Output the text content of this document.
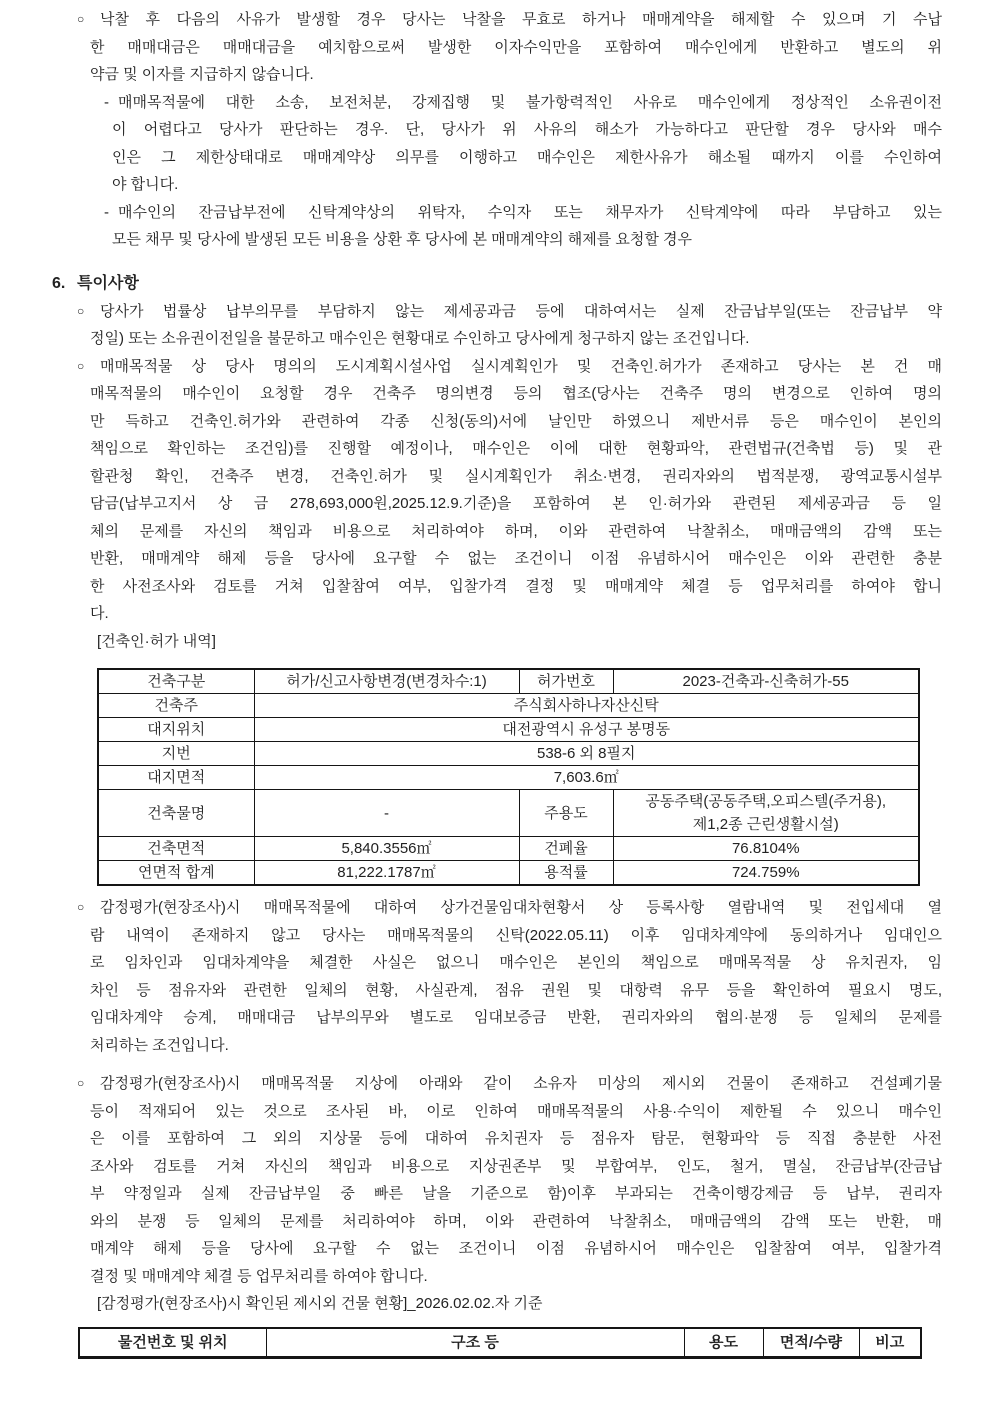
○	낙찰 후 다음의 사유가 발생할 경우 당사는 낙찰을 무효로 하거나 매매계약을 해제할 수 있으며 기 수납
한 매매대금은 매매대금을 예치함으로써 발생한 이자수익만을 포함하여 매수인에게 반환하고 별도의 위
약금 및 이자를 지급하지 않습니다.
- 매매목적물에 대한 소송, 보전처분, 강제집행 및 불가항력적인 사유로 매수인에게 정상적인 소유권이전
이 어렵다고 당사가 판단하는 경우. 단, 당사가 위 사유의 해소가 가능하다고 판단할 경우 당사와 매수
인은 그 제한상태대로 매매계약상 의무를 이행하고 매수인은 제한사유가 해소될 때까지 이를 수인하여
야 합니다.
- 매수인의 잔금납부전에 신탁계약상의 위탁자, 수익자 또는 채무자가 신탁계약에 따라 부담하고 있는
모든 채무 및 당사에 발생된 모든 비용을 상환 후 당사에 본 매매계약의 해제를 요청할 경우
6. 특이사항
○	당사가 법률상 납부의무를 부담하지 않는 제세공과금 등에 대하여서는 실제 잔금납부일(또는 잔금납부 약
정일) 또는 소유권이전일을 불문하고 매수인은 현황대로 수인하고 당사에게 청구하지 않는 조건입니다.
○	매매목적물 상 당사 명의의 도시계획시설사업 실시계획인가 및 건축인.허가가 존재하고 당사는 본 건 매
매목적물의 매수인이 요청할 경우 건축주 명의변경 등의 협조(당사는 건축주 명의 변경으로 인하여 명의
만 득하고 건축인.허가와 관련하여 각종 신청(동의)서에 날인만 하였으니 제반서류 등은 매수인이 본인의
책임으로 확인하는 조건임)를 진행할 예정이나, 매수인은 이에 대한 현황파악, 관련법규(건축법 등) 및 관
할관청 확인, 건축주 변경, 건축인.허가 및 실시계획인가 취소·변경, 권리자와의 법적분쟁, 광역교통시설부
담금(납부고지서 상 금 278,693,000원,2025.12.9.기준)을 포함하여 본 인·허가와 관련된 제세공과금 등 일
체의 문제를 자신의 책임과 비용으로 처리하여야 하며, 이와 관련하여 낙찰취소, 매매금액의 감액 또는
반환, 매매계약 해제 등을 당사에 요구할 수 없는 조건이니 이점 유념하시어 매수인은 이와 관련한 충분
한 사전조사와 검토를 거쳐 입찰참여 여부, 입찰가격 결정 및 매매계약 체결 등 업무처리를 하여야 합니
다.
[건축인·허가 내역]
건축구분	허가/신고사항변경(변경차수:1)	허가번호	2023-건축과-신축허가-55
건축주	주식회사하나자산신탁		
대지위치	대전광역시 유성구 봉명동		
지번	538-6 외 8필지		
대지면적	7,603.6㎡		
건축물명	-	주용도	공동주택(공동주택,오피스텔(주거용),
제1,2종 근린생활시설)

건축면적	5,840.3556㎡	건폐율	76.8104%
연면적 합계	81,222.1787㎡	용적률	724.759%
○	감정평가(현장조사)시 매매목적물에 대하여 상가건물임대차현황서 상 등록사항 열람내역 및 전입세대 열
람 내역이 존재하지 않고 당사는 매매목적물의 신탁(2022.05.11) 이후 임대차계약에 동의하거나 임대인으
로 임차인과 임대차계약을 체결한 사실은 없으니 매수인은 본인의 책임으로 매매목적물 상 유치권자, 임
차인 등 점유자와 관련한 일체의 현황, 사실관계, 점유 권원 및 대항력 유무 등을 확인하여 필요시 명도,
임대차계약 승계, 매매대금 납부의무와 별도로 임대보증금 반환, 권리자와의 협의·분쟁 등 일체의 문제를
처리하는 조건입니다.
○	감정평가(현장조사)시 매매목적물 지상에 아래와 같이 소유자 미상의 제시외 건물이 존재하고 건설폐기물
등이 적재되어 있는 것으로 조사된 바, 이로 인하여 매매목적물의 사용·수익이 제한될 수 있으니 매수인
은 이를 포함하여 그 외의 지상물 등에 대하여 유치권자 등 점유자 탐문, 현황파악 등 직접 충분한 사전
조사와 검토를 거쳐 자신의 책임과 비용으로 지상권존부 및 부합여부, 인도, 철거, 멸실, 잔금납부(잔금납
부 약정일과 실제 잔금납부일 중 빠른 날을 기준으로 함)이후 부과되는 건축이행강제금 등 납부, 권리자
와의 분쟁 등 일체의 문제를 처리하여야 하며, 이와 관련하여 낙찰취소, 매매금액의 감액 또는 반환, 매
매계약 해제 등을 당사에 요구할 수 없는 조건이니 이점 유념하시어 매수인은 입찰참여 여부, 입찰가격
결정 및 매매계약 체결 등 업무처리를 하여야 합니다.
[감정평가(현장조사)시 확인된 제시외 건물 현황]_2026.02.02.자 기준
물건번호 및 위치	구조 등	용도	면적/수량	비고
